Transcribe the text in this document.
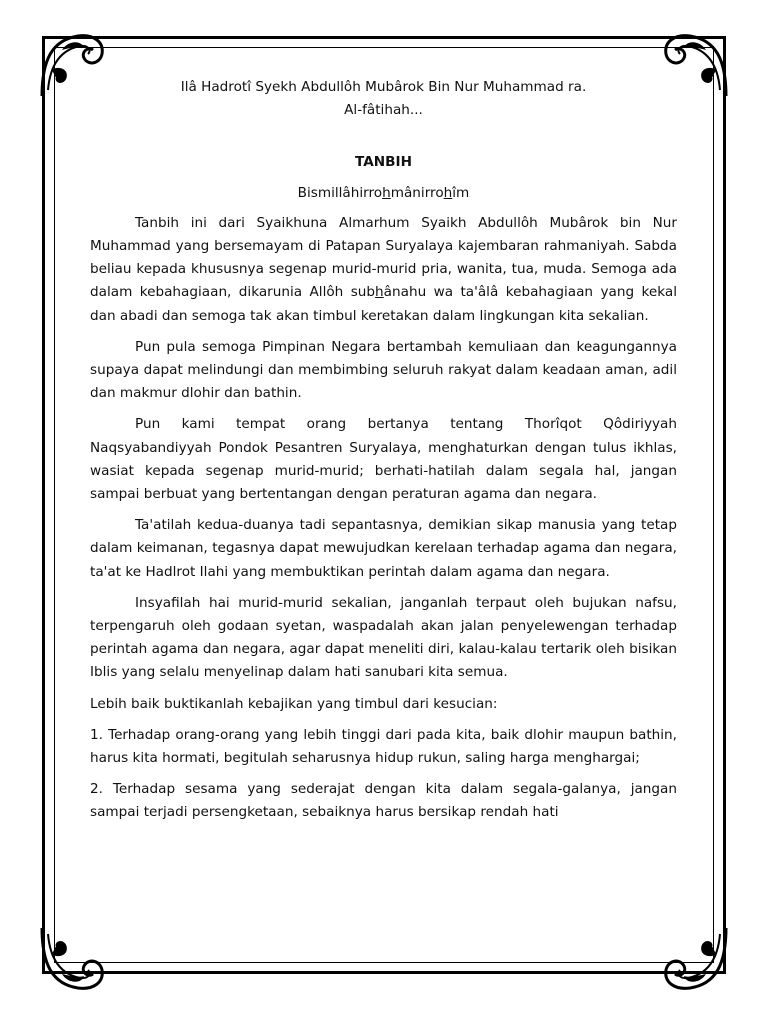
Ilâ Hadrotî Syekh Abdullôh Mubârok Bin Nur Muhammad ra.

Al-fâtihah...

TANBIH

Bismillâhirrohmânirrohîm

Tanbih ini dari Syaikhuna Almarhum Syaikh Abdullôh Mubârok bin Nur Muhammad yang bersemayam di Patapan Suryalaya kajembaran rahmaniyah. Sabda beliau kepada khususnya segenap murid-murid pria, wanita, tua, muda. Semoga ada dalam kebahagiaan, dikarunia Allôh subhânahu wa ta'âlâ kebahagiaan yang kekal dan abadi dan semoga tak akan timbul keretakan dalam lingkungan kita sekalian.

Pun pula semoga Pimpinan Negara bertambah kemuliaan dan keagungannya supaya dapat melindungi dan membimbing seluruh rakyat dalam keadaan aman, adil dan makmur dlohir dan bathin.

Pun kami tempat orang bertanya tentang Thorîqot Qôdiriyyah Naqsyabandiyyah Pondok Pesantren Suryalaya, menghaturkan dengan tulus ikhlas, wasiat kepada segenap murid-murid; berhati-hatilah dalam segala hal, jangan sampai berbuat yang bertentangan dengan peraturan agama dan negara.

Ta'atilah kedua-duanya tadi sepantasnya, demikian sikap manusia yang tetap dalam keimanan, tegasnya dapat mewujudkan kerelaan terhadap agama dan negara, ta'at ke Hadlrot Ilahi yang membuktikan perintah dalam agama dan negara.

Insyafilah hai murid-murid sekalian, janganlah terpaut oleh bujukan nafsu, terpengaruh oleh godaan syetan, waspadalah akan jalan penyelewengan terhadap perintah agama dan negara, agar dapat meneliti diri, kalau-kalau tertarik oleh bisikan Iblis yang selalu menyelinap dalam hati sanubari kita semua.

Lebih baik buktikanlah kebajikan yang timbul dari kesucian:

1. Terhadap orang-orang yang lebih tinggi dari pada kita, baik dlohir maupun bathin, harus kita hormati, begitulah seharusnya hidup rukun, saling harga menghargai;

2. Terhadap sesama yang sederajat dengan kita dalam segala-galanya, jangan sampai terjadi persengketaan, sebaiknya harus bersikap rendah hati
